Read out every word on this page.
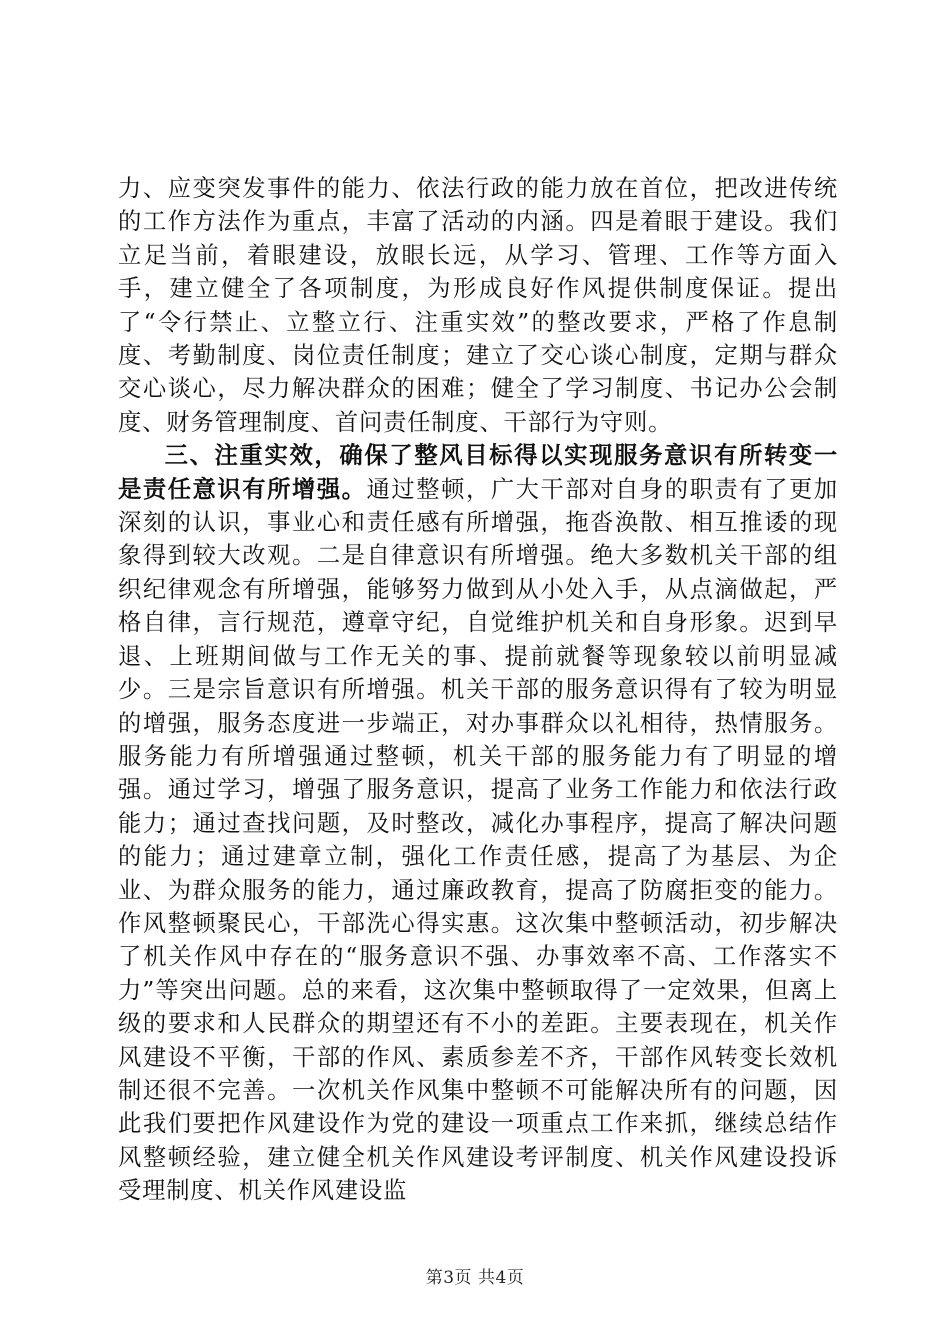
力、应变突发事件的能力、依法行政的能力放在首位，把改进传统的工作方法作为重点，丰富了活动的内涵。四是着眼于建设。我们立足当前，着眼建设，放眼长远，从学习、管理、工作等方面入手，建立健全了各项制度，为形成良好作风提供制度保证。提出了“令行禁止、立整立行、注重实效”的整改要求，严格了作息制度、考勤制度、岗位责任制度；建立了交心谈心制度，定期与群众交心谈心，尽力解决群众的困难；健全了学习制度、书记办公会制度、财务管理制度、首问责任制度、干部行为守则。

三、注重实效，确保了整风目标得以实现服务意识有所转变一是责任意识有所增强。通过整顿，广大干部对自身的职责有了更加深刻的认识，事业心和责任感有所增强，拖沓涣散、相互推诿的现象得到较大改观。二是自律意识有所增强。绝大多数机关干部的组织纪律观念有所增强，能够努力做到从小处入手，从点滴做起，严格自律，言行规范，遵章守纪，自觉维护机关和自身形象。迟到早退、上班期间做与工作无关的事、提前就餐等现象较以前明显减少。三是宗旨意识有所增强。机关干部的服务意识得有了较为明显的增强，服务态度进一步端正，对办事群众以礼相待，热情服务。服务能力有所增强通过整顿，机关干部的服务能力有了明显的增强。通过学习，增强了服务意识，提高了业务工作能力和依法行政能力；通过查找问题，及时整改，减化办事程序，提高了解决问题的能力；通过建章立制，强化工作责任感，提高了为基层、为企业、为群众服务的能力，通过廉政教育，提高了防腐拒变的能力。作风整顿聚民心，干部洗心得实惠。这次集中整顿活动，初步解决了机关作风中存在的“服务意识不强、办事效率不高、工作落实不力”等突出问题。总的来看，这次集中整顿取得了一定效果，但离上级的要求和人民群众的期望还有不小的差距。主要表现在，机关作风建设不平衡，干部的作风、素质参差不齐，干部作风转变长效机制还很不完善。一次机关作风集中整顿不可能解决所有的问题，因此我们要把作风建设作为党的建设一项重点工作来抓，继续总结作风整顿经验，建立健全机关作风建设考评制度、机关作风建设投诉受理制度、机关作风建设监

第3页 共4页
